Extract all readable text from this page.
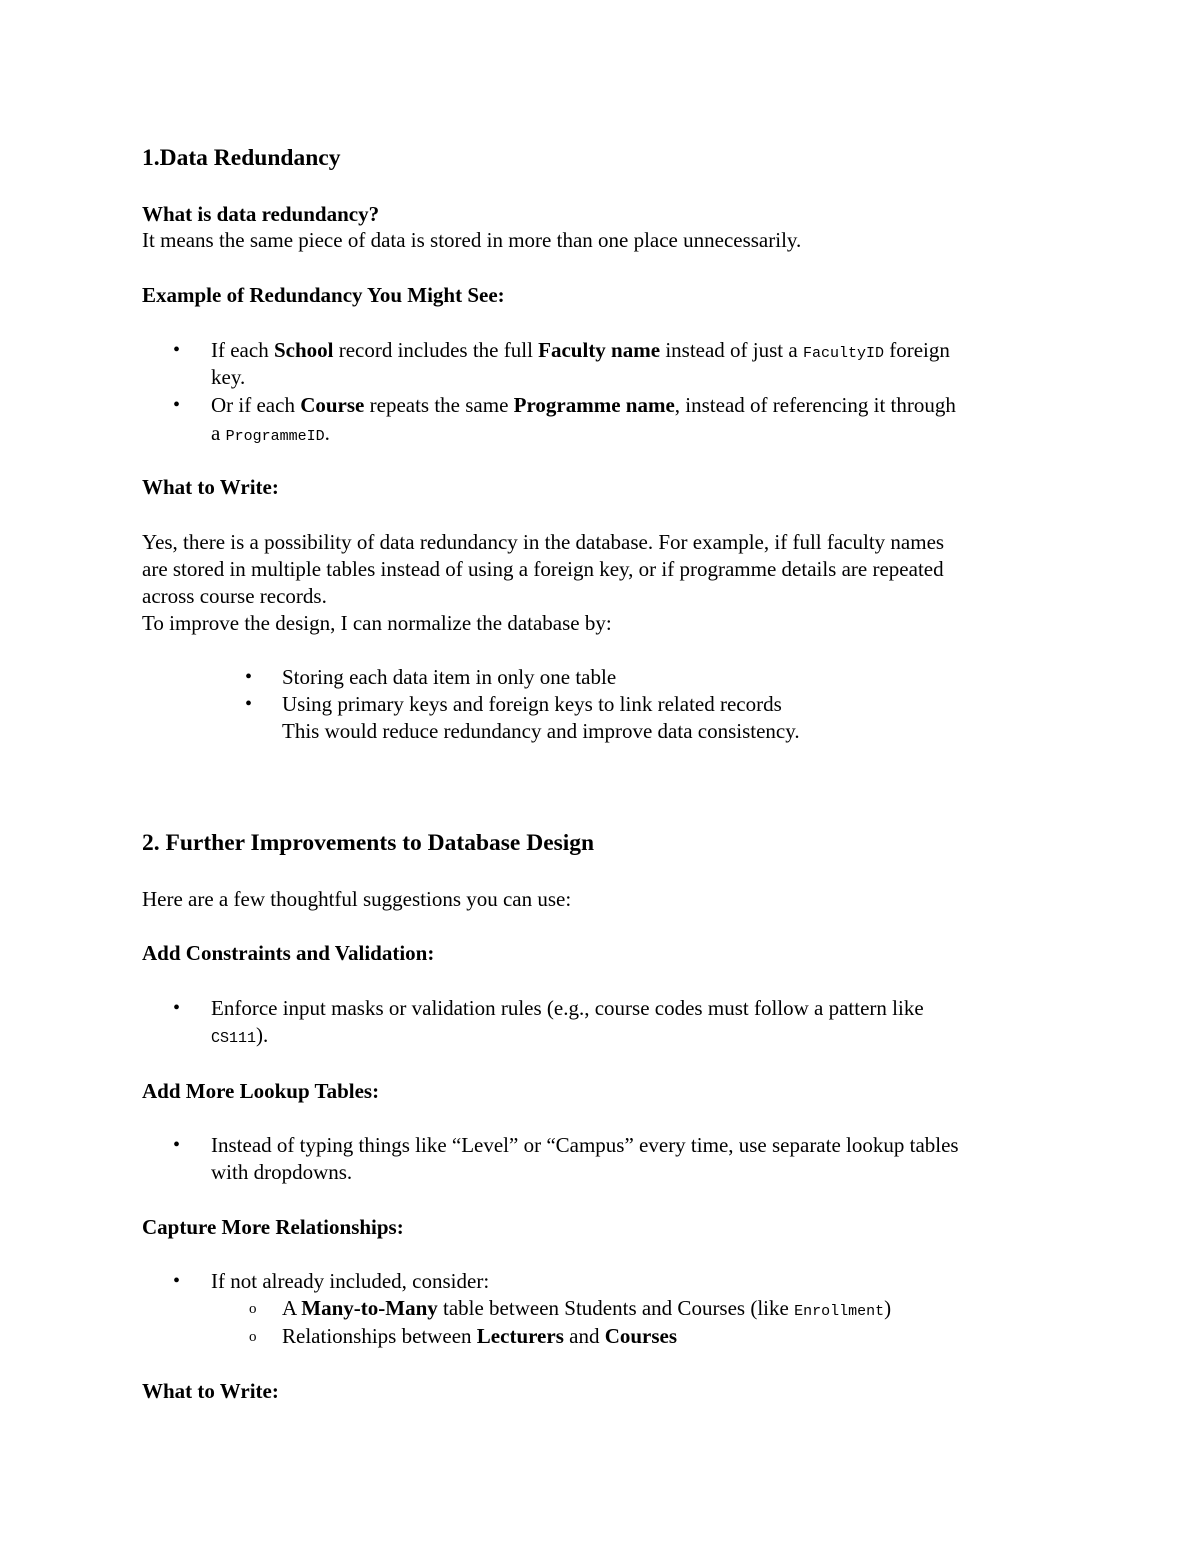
1.Data Redundancy
What is data redundancy?
It means the same piece of data is stored in more than one place unnecessarily.
Example of Redundancy You Might See:
• If each School record includes the full Faculty name instead of just a FacultyID foreign
key.
• Or if each Course repeats the same Programme name, instead of referencing it through
a ProgrammeID.
What to Write:
Yes, there is a possibility of data redundancy in the database. For example, if full faculty names
are stored in multiple tables instead of using a foreign key, or if programme details are repeated
across course records.
To improve the design, I can normalize the database by:
• Storing each data item in only one table
• Using primary keys and foreign keys to link related records
This would reduce redundancy and improve data consistency.
2. Further Improvements to Database Design
Here are a few thoughtful suggestions you can use:
Add Constraints and Validation:
• Enforce input masks or validation rules (e.g., course codes must follow a pattern like
CS111).
Add More Lookup Tables:
• Instead of typing things like “Level” or “Campus” every time, use separate lookup tables
with dropdowns.
Capture More Relationships:
• If not already included, consider:
o A Many-to-Many table between Students and Courses (like Enrollment)
o Relationships between Lecturers and Courses
What to Write:
